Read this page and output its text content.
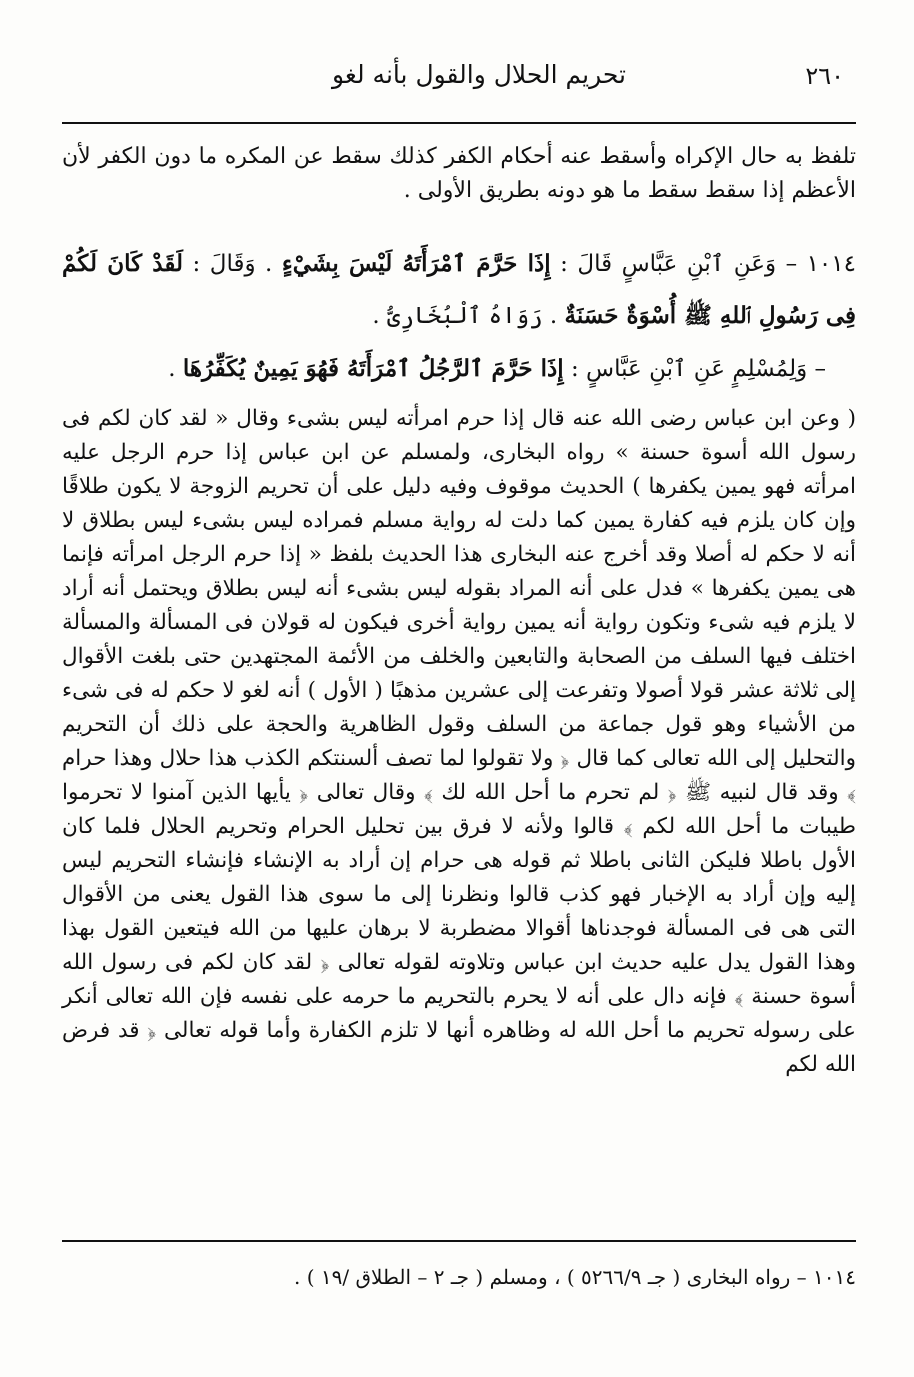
٢٦٠
تحريم الحلال والقول بأنه لغو

تلفظ به حال الإكراه وأسقط عنه أحكام الكفر كذلك سقط عن المكره ما دون الكفر لأن الأعظم إذا سقط سقط ما هو دونه بطريق الأولى .

١٠١٤ – وَعَنِ ٱبْنِ عَبَّاسٍ قَالَ : إِذَا حَرَّمَ ٱمْرَأَتَهُ لَيْسَ بِشَيْءٍ . وَقَالَ : لَقَدْ كَانَ لَكُمْ فِى رَسُولِ ٱللهِ ﷺ أُسْوَةٌ حَسَنَةٌ . رَوَاهُ ٱلْبُخَارِىُّ .

– وَلِمُسْلِمٍ عَنِ ٱبْنِ عَبَّاسٍ : إِذَا حَرَّمَ ٱلرَّجُلُ ٱمْرَأَتَهُ فَهُوَ يَمِينٌ يُكَفِّرُهَا .

( وعن ابن عباس رضى الله عنه قال إذا حرم امرأته ليس بشىء وقال « لقد كان لكم فى رسول الله أسوة حسنة » رواه البخارى، ولمسلم عن ابن عباس إذا حرم الرجل عليه امرأته فهو يمين يكفرها ) الحديث موقوف وفيه دليل على أن تحريم الزوجة لا يكون طلاقًا وإن كان يلزم فيه كفارة يمين كما دلت له رواية مسلم فمراده ليس بشىء ليس بطلاق لا أنه لا حكم له أصلا وقد أخرج عنه البخارى هذا الحديث بلفظ « إذا حرم الرجل امرأته فإنما هى يمين يكفرها » فدل على أنه المراد بقوله ليس بشىء أنه ليس بطلاق ويحتمل أنه أراد لا يلزم فيه شىء وتكون رواية أنه يمين رواية أخرى فيكون له قولان فى المسألة والمسألة اختلف فيها السلف من الصحابة والتابعين والخلف من الأئمة المجتهدين حتى بلغت الأقوال إلى ثلاثة عشر قولا أصولا وتفرعت إلى عشرين مذهبًا ( الأول ) أنه لغو لا حكم له فى شىء من الأشياء وهو قول جماعة من السلف وقول الظاهرية والحجة على ذلك أن التحريم والتحليل إلى الله تعالى كما قال ﴿ ولا تقولوا لما تصف ألسنتكم الكذب هذا حلال وهذا حرام ﴾ وقد قال لنبيه ﷺ ﴿ لم تحرم ما أحل الله لك ﴾ وقال تعالى ﴿ يأيها الذين آمنوا لا تحرموا طيبات ما أحل الله لكم ﴾ قالوا ولأنه لا فرق بين تحليل الحرام وتحريم الحلال فلما كان الأول باطلا فليكن الثانى باطلا ثم قوله هى حرام إن أراد به الإنشاء فإنشاء التحريم ليس إليه وإن أراد به الإخبار فهو كذب قالوا ونظرنا إلى ما سوى هذا القول يعنى من الأقوال التى هى فى المسألة فوجدناها أقوالا مضطربة لا برهان عليها من الله فيتعين القول بهذا وهذا القول يدل عليه حديث ابن عباس وتلاوته لقوله تعالى ﴿ لقد كان لكم فى رسول الله أسوة حسنة ﴾ فإنه دال على أنه لا يحرم بالتحريم ما حرمه على نفسه فإن الله تعالى أنكر على رسوله تحريم ما أحل الله له وظاهره أنها لا تلزم الكفارة وأما قوله تعالى ﴿ قد فرض الله لكم

١٠١٤ – رواه البخارى ( جـ ٥٢٦٦/٩ ) ، ومسلم ( جـ ٢ – الطلاق /١٩ ) .
